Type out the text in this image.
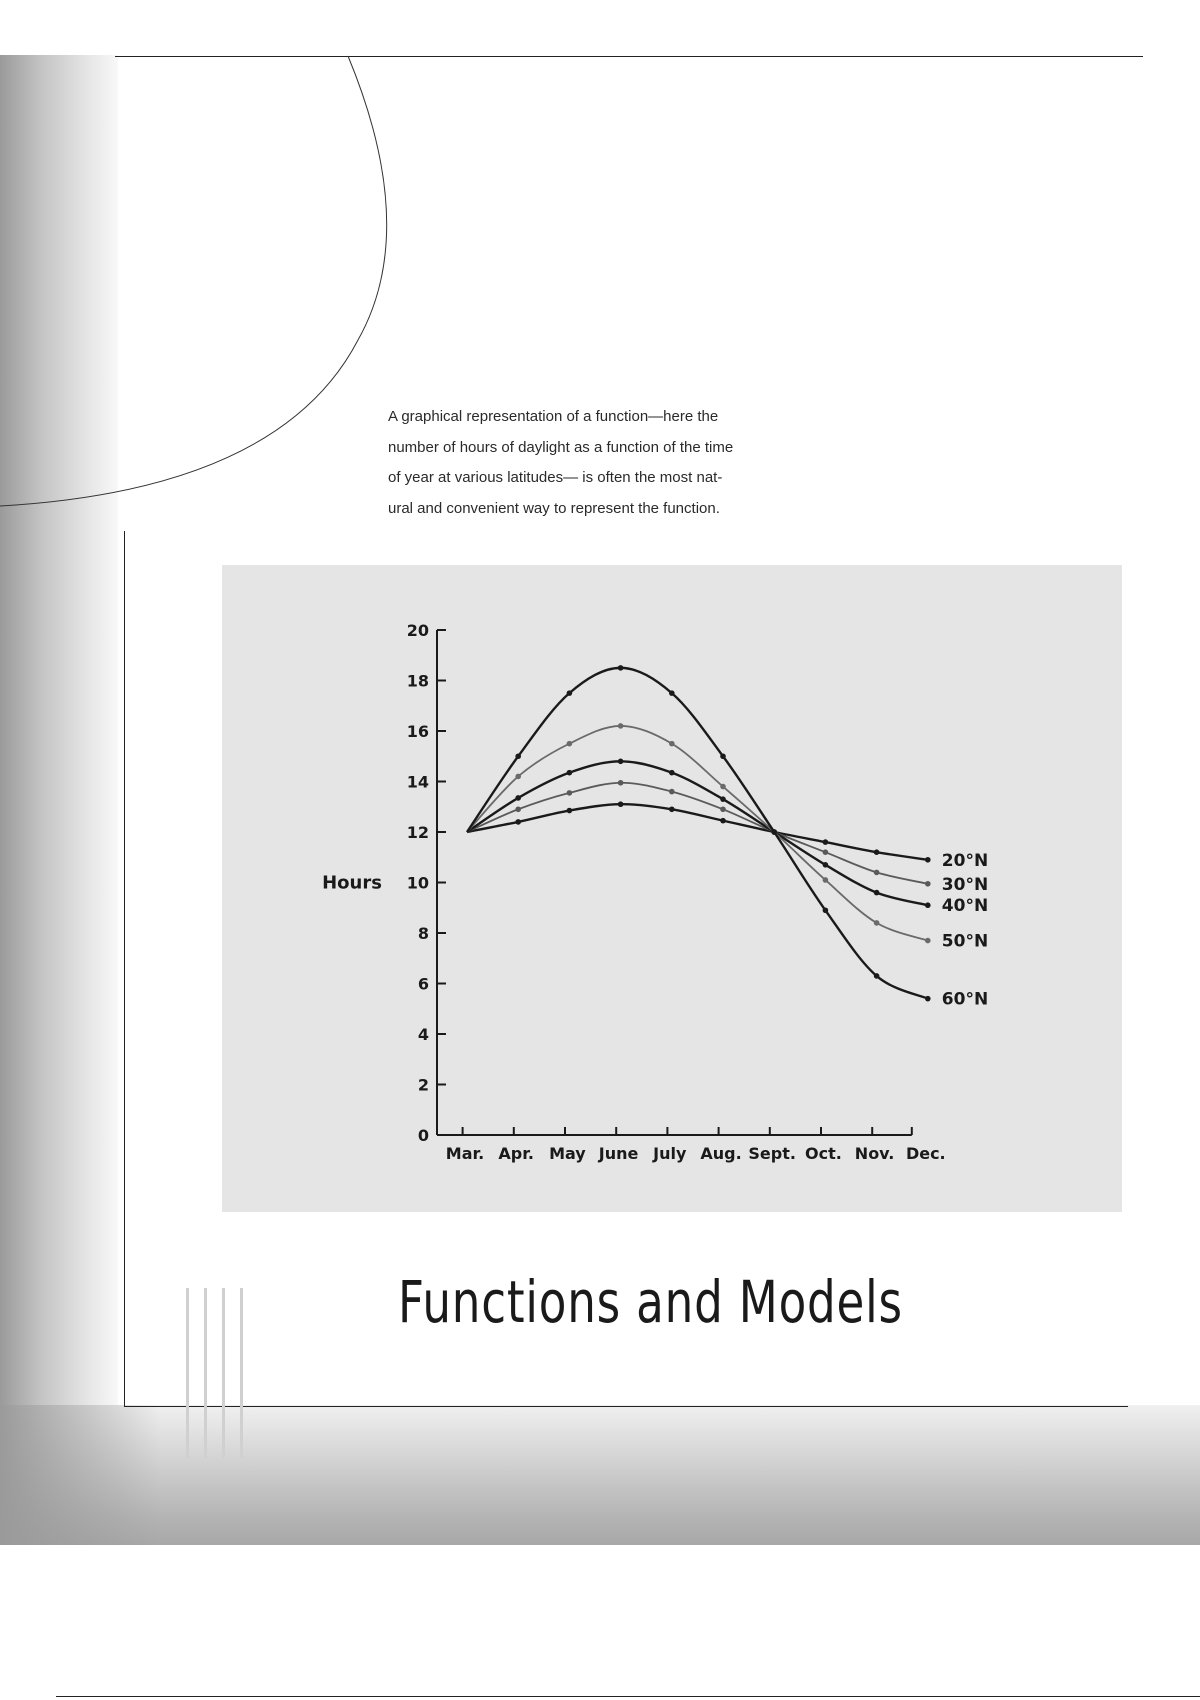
A graphical representation of a function—here the
number of hours of daylight as a function of the time
of year at various latitudes— is often the most nat-
ural and convenient way to represent the function.

0
2
4
6
8
10
12
14
16
18
20
Mar. Apr. May June July Aug. Sept. Oct. Nov. Dec.
Hours
20°N
30°N
40°N
50°N
60°N
Functions and Models
